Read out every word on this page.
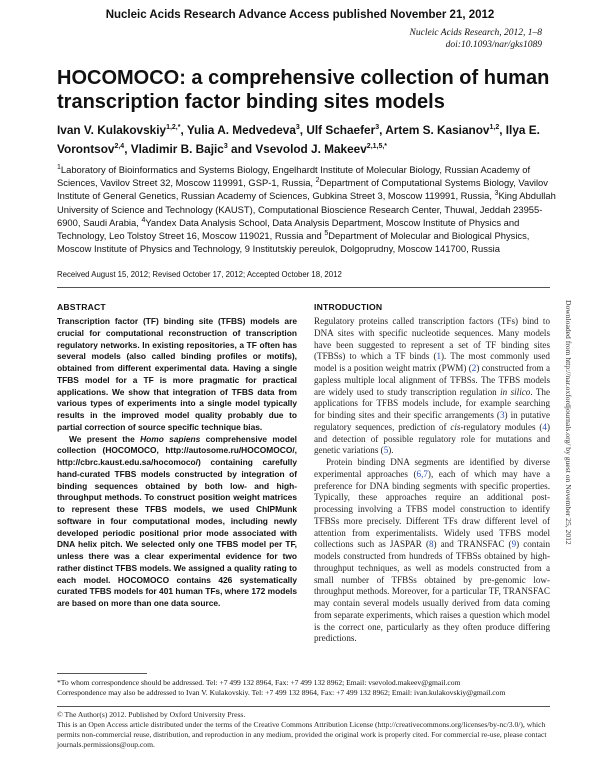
Nucleic Acids Research Advance Access published November 21, 2012
Nucleic Acids Research, 2012, 1–8
doi:10.1093/nar/gks1089
HOCOMOCO: a comprehensive collection of human transcription factor binding sites models
Ivan V. Kulakovskiy$^{1,2,*}$, Yulia A. Medvedeva$^3$, Ulf Schaefer$^3$, Artem S. Kasianov$^{1,2}$, Ilya E. Vorontsov$^{2,4}$, Vladimir B. Bajic$^3$ and Vsevolod J. Makeev$^{2,1,5,*}$
$^1$Laboratory of Bioinformatics and Systems Biology, Engelhardt Institute of Molecular Biology, Russian Academy of Sciences, Vavilov Street 32, Moscow 119991, GSP-1, Russia, $^2$Department of Computational Systems Biology, Vavilov Institute of General Genetics, Russian Academy of Sciences, Gubkina Street 3, Moscow 119991, Russia, $^3$King Abdullah University of Science and Technology (KAUST), Computational Bioscience Research Center, Thuwal, Jeddah 23955-6900, Saudi Arabia, $^4$Yandex Data Analysis School, Data Analysis Department, Moscow Institute of Physics and Technology, Leo Tolstoy Street 16, Moscow 119021, Russia and $^5$Department of Molecular and Biological Physics, Moscow Institute of Physics and Technology, 9 Institutskiy pereulok, Dolgoprudny, Moscow 141700, Russia
Received August 15, 2012; Revised October 17, 2012; Accepted October 18, 2012
ABSTRACT	INTRODUCTION

Transcription factor (TF) binding site (TFBS) models are crucial for computational reconstruction of transcription regulatory networks. In existing repositories, a TF often has several models (also called binding profiles or motifs), obtained from different experimental data. Having a single TFBS model for a TF is more pragmatic for practical applications. We show that integration of TFBS data from various types of experiments into a single model typically results in the improved model quality probably due to partial correction of source specific technique bias.

We present the Homo sapiens comprehensive model collection (HOCOMOCO, http://autosome.ru/HOCOMOCO/, http://cbrc.kaust.edu.sa/hocomoco/) containing carefully hand-curated TFBS models constructed by integration of binding sequences obtained by both low- and high-throughput methods. To construct position weight matrices to represent these TFBS models, we used ChIPMunk software in four computational modes, including newly developed periodic positional prior mode associated with DNA helix pitch. We selected only one TFBS model per TF, unless there was a clear experimental evidence for two rather distinct TFBS models. We assigned a quality rating to each model. HOCOMOCO contains 426 systematically curated TFBS models for 401 human TFs, where 172 models are based on more than one data source.

Regulatory proteins called transcription factors (TFs) bind to DNA sites with specific nucleotide sequences. Many models have been suggested to represent a set of TF binding sites (TFBSs) to which a TF binds (1). The most commonly used model is a position weight matrix (PWM) (2) constructed from a gapless multiple local alignment of TFBSs. The TFBS models are widely used to study transcription regulation in silico. The applications for TFBS models include, for example searching for binding sites and their specific arrangements (3) in putative regulatory sequences, prediction of cis-regulatory modules (4) and detection of possible regulatory role for mutations and genetic variations (5).

Protein binding DNA segments are identified by diverse experimental approaches (6,7), each of which may have a preference for DNA binding segments with specific properties. Typically, these approaches require an additional post-processing involving a TFBS model construction to identify TFBSs more precisely. Different TFs draw different level of attention from experimentalists. Widely used TFBS model collections such as JASPAR (8) and TRANSFAC (9) contain models constructed from hundreds of TFBSs obtained by high-throughput techniques, as well as models constructed from a small number of TFBSs obtained by pre-genomic low-throughput methods. Moreover, for a particular TF, TRANSFAC may contain several models usually derived from data coming from separate experiments, which raises a question which model is the correct one, particularly as they often produce differing predictions.

Downloaded from http://nar.oxfordjournals.org/ by guest on November 25, 2012
*To whom correspondence should be addressed. Tel: +7 499 132 8964, Fax: +7 499 132 8962; Email: vsevolod.makeev@gmail.com
Correspondence may also be addressed to Ivan V. Kulakovskiy. Tel: +7 499 132 8964, Fax: +7 499 132 8962; Email: ivan.kulakovskiy@gmail.com
© The Author(s) 2012. Published by Oxford University Press.
This is an Open Access article distributed under the terms of the Creative Commons Attribution License (http://creativecommons.org/licenses/by-nc/3.0/), which permits non-commercial reuse, distribution, and reproduction in any medium, provided the original work is properly cited. For commercial re-use, please contact journals.permissions@oup.com.
